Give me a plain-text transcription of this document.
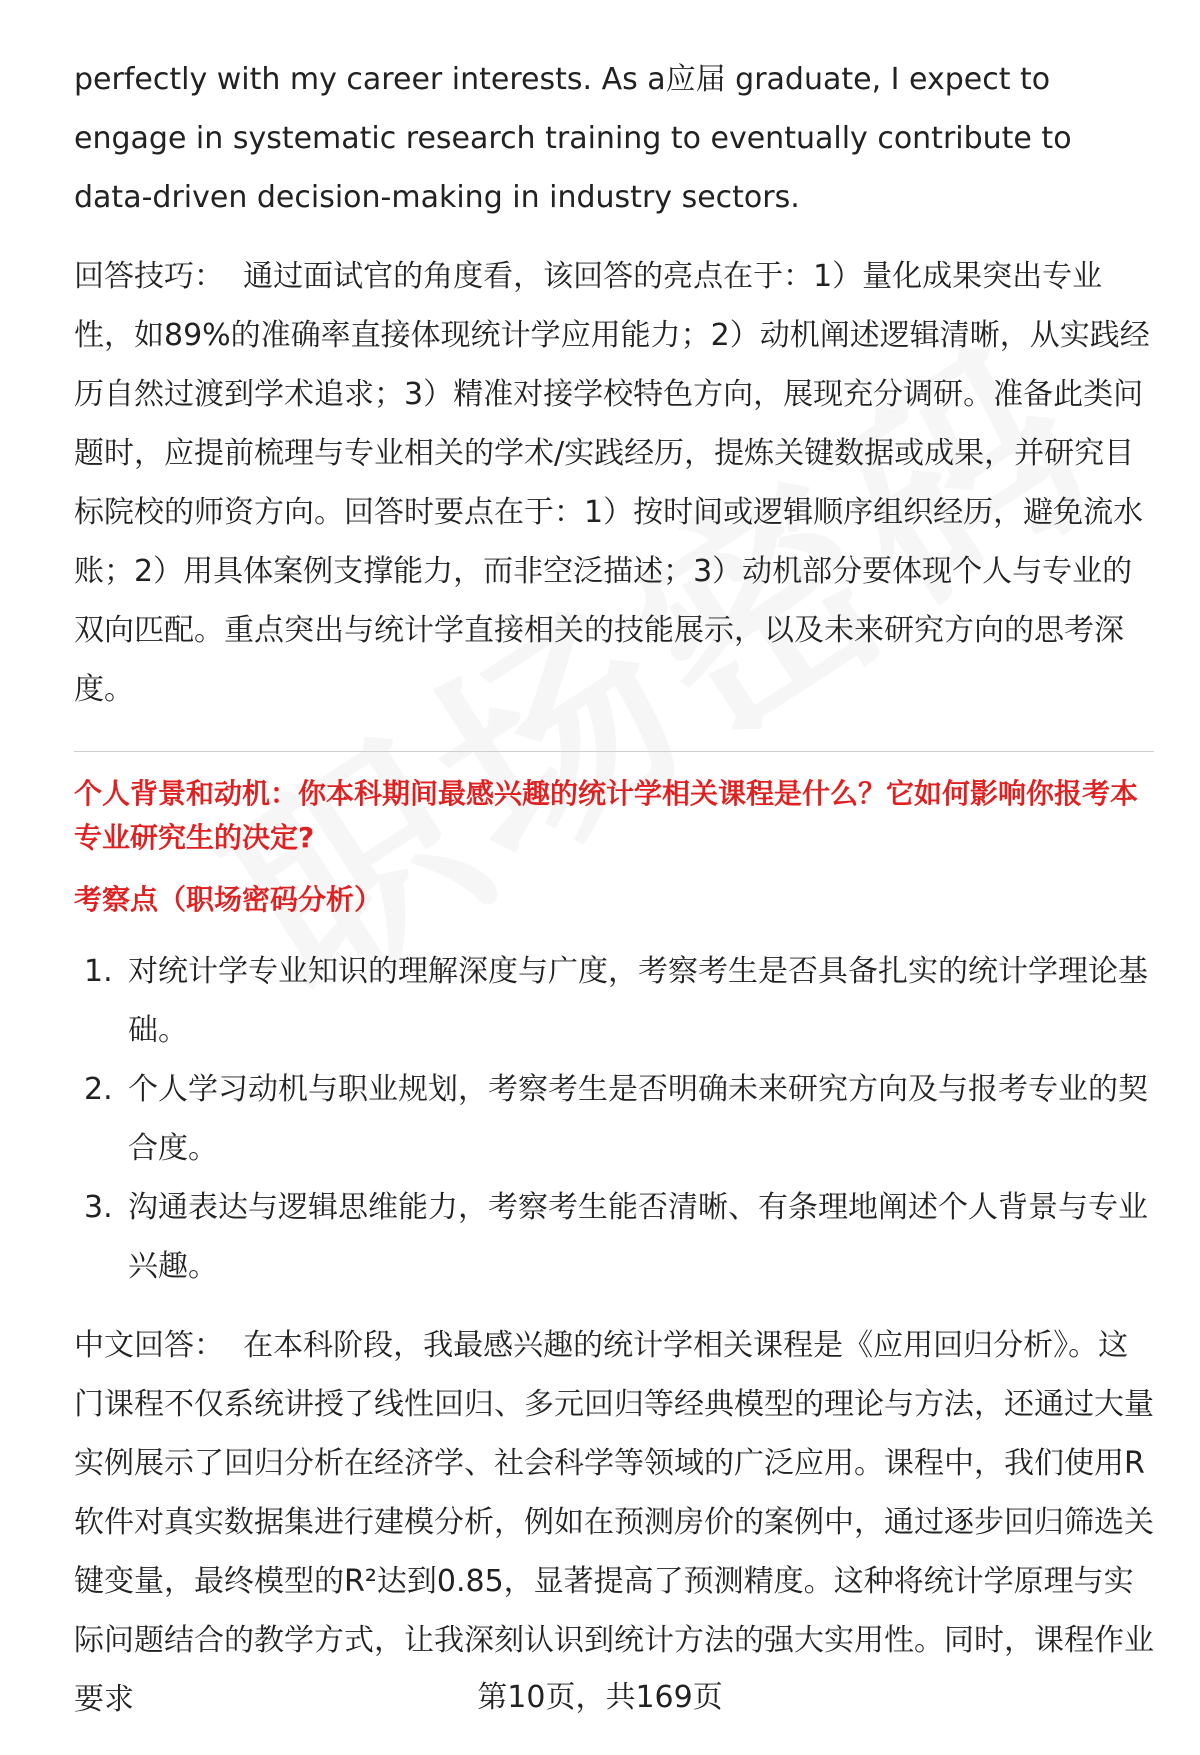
perfectly with my career interests. As a应届 graduate, I expect to engage in systematic research training to eventually contribute to data-driven decision-making in industry sectors.

回答技巧： 通过面试官的角度看，该回答的亮点在于：1）量化成果突出专业性，如89%的准确率直接体现统计学应用能力；2）动机阐述逻辑清晰，从实践经历自然过渡到学术追求；3）精准对接学校特色方向，展现充分调研。准备此类问题时，应提前梳理与专业相关的学术/实践经历，提炼关键数据或成果，并研究目标院校的师资方向。回答时要点在于：1）按时间或逻辑顺序组织经历，避免流水账；2）用具体案例支撑能力，而非空泛描述；3）动机部分要体现个人与专业的双向匹配。重点突出与统计学直接相关的技能展示，以及未来研究方向的思考深度。

个人背景和动机：你本科期间最感兴趣的统计学相关课程是什么？它如何影响你报考本专业研究生的决定?
考察点（职场密码分析）
1. 对统计学专业知识的理解深度与广度，考察考生是否具备扎实的统计学理论基础。
2. 个人学习动机与职业规划，考察考生是否明确未来研究方向及与报考专业的契合度。
3. 沟通表达与逻辑思维能力，考察考生能否清晰、有条理地阐述个人背景与专业兴趣。

中文回答： 在本科阶段，我最感兴趣的统计学相关课程是《应用回归分析》。这门课程不仅系统讲授了线性回归、多元回归等经典模型的理论与方法，还通过大量实例展示了回归分析在经济学、社会科学等领域的广泛应用。课程中，我们使用R软件对真实数据集进行建模分析，例如在预测房价的案例中，通过逐步回归筛选关键变量，最终模型的R²达到0.85，显著提高了预测精度。这种将统计学原理与实际问题结合的教学方式，让我深刻认识到统计方法的强大实用性。同时，课程作业要求	第10页，共169页
